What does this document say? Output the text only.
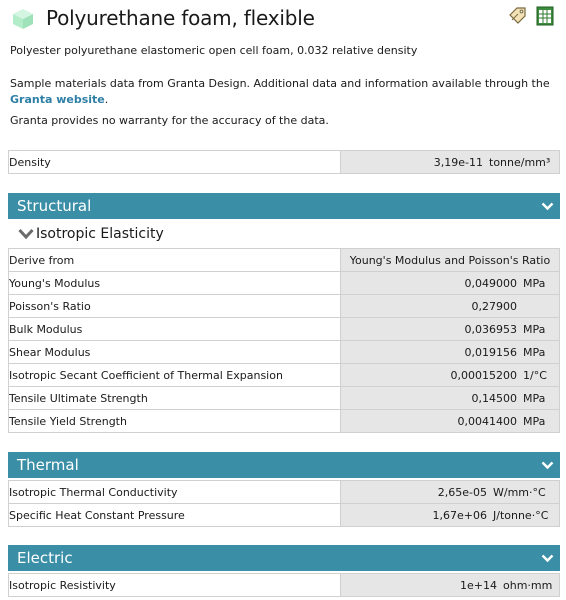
Polyurethane foam, flexible
Polyester polyurethane elastomeric open cell foam, 0.032 relative density
Sample materials data from Granta Design. Additional data and information available through the
Granta website.
Granta provides no warranty for the accuracy of the data.
Density	3,19e-11 tonne/mm³
Structural
Isotropic Elasticity
Derive from	Young's Modulus and Poisson's Ratio
Young's Modulus	0,049000 MPa
Poisson's Ratio	0,27900
Bulk Modulus	0,036953 MPa
Shear Modulus	0,019156 MPa
Isotropic Secant Coefficient of Thermal Expansion	0,00015200 1/°C
Tensile Ultimate Strength	0,14500 MPa
Tensile Yield Strength	0,0041400 MPa
Thermal
Isotropic Thermal Conductivity	2,65e-05 W/mm·°C
Specific Heat Constant Pressure	1,67e+06 J/tonne·°C
Electric
Isotropic Resistivity	1e+14 ohm·mm
